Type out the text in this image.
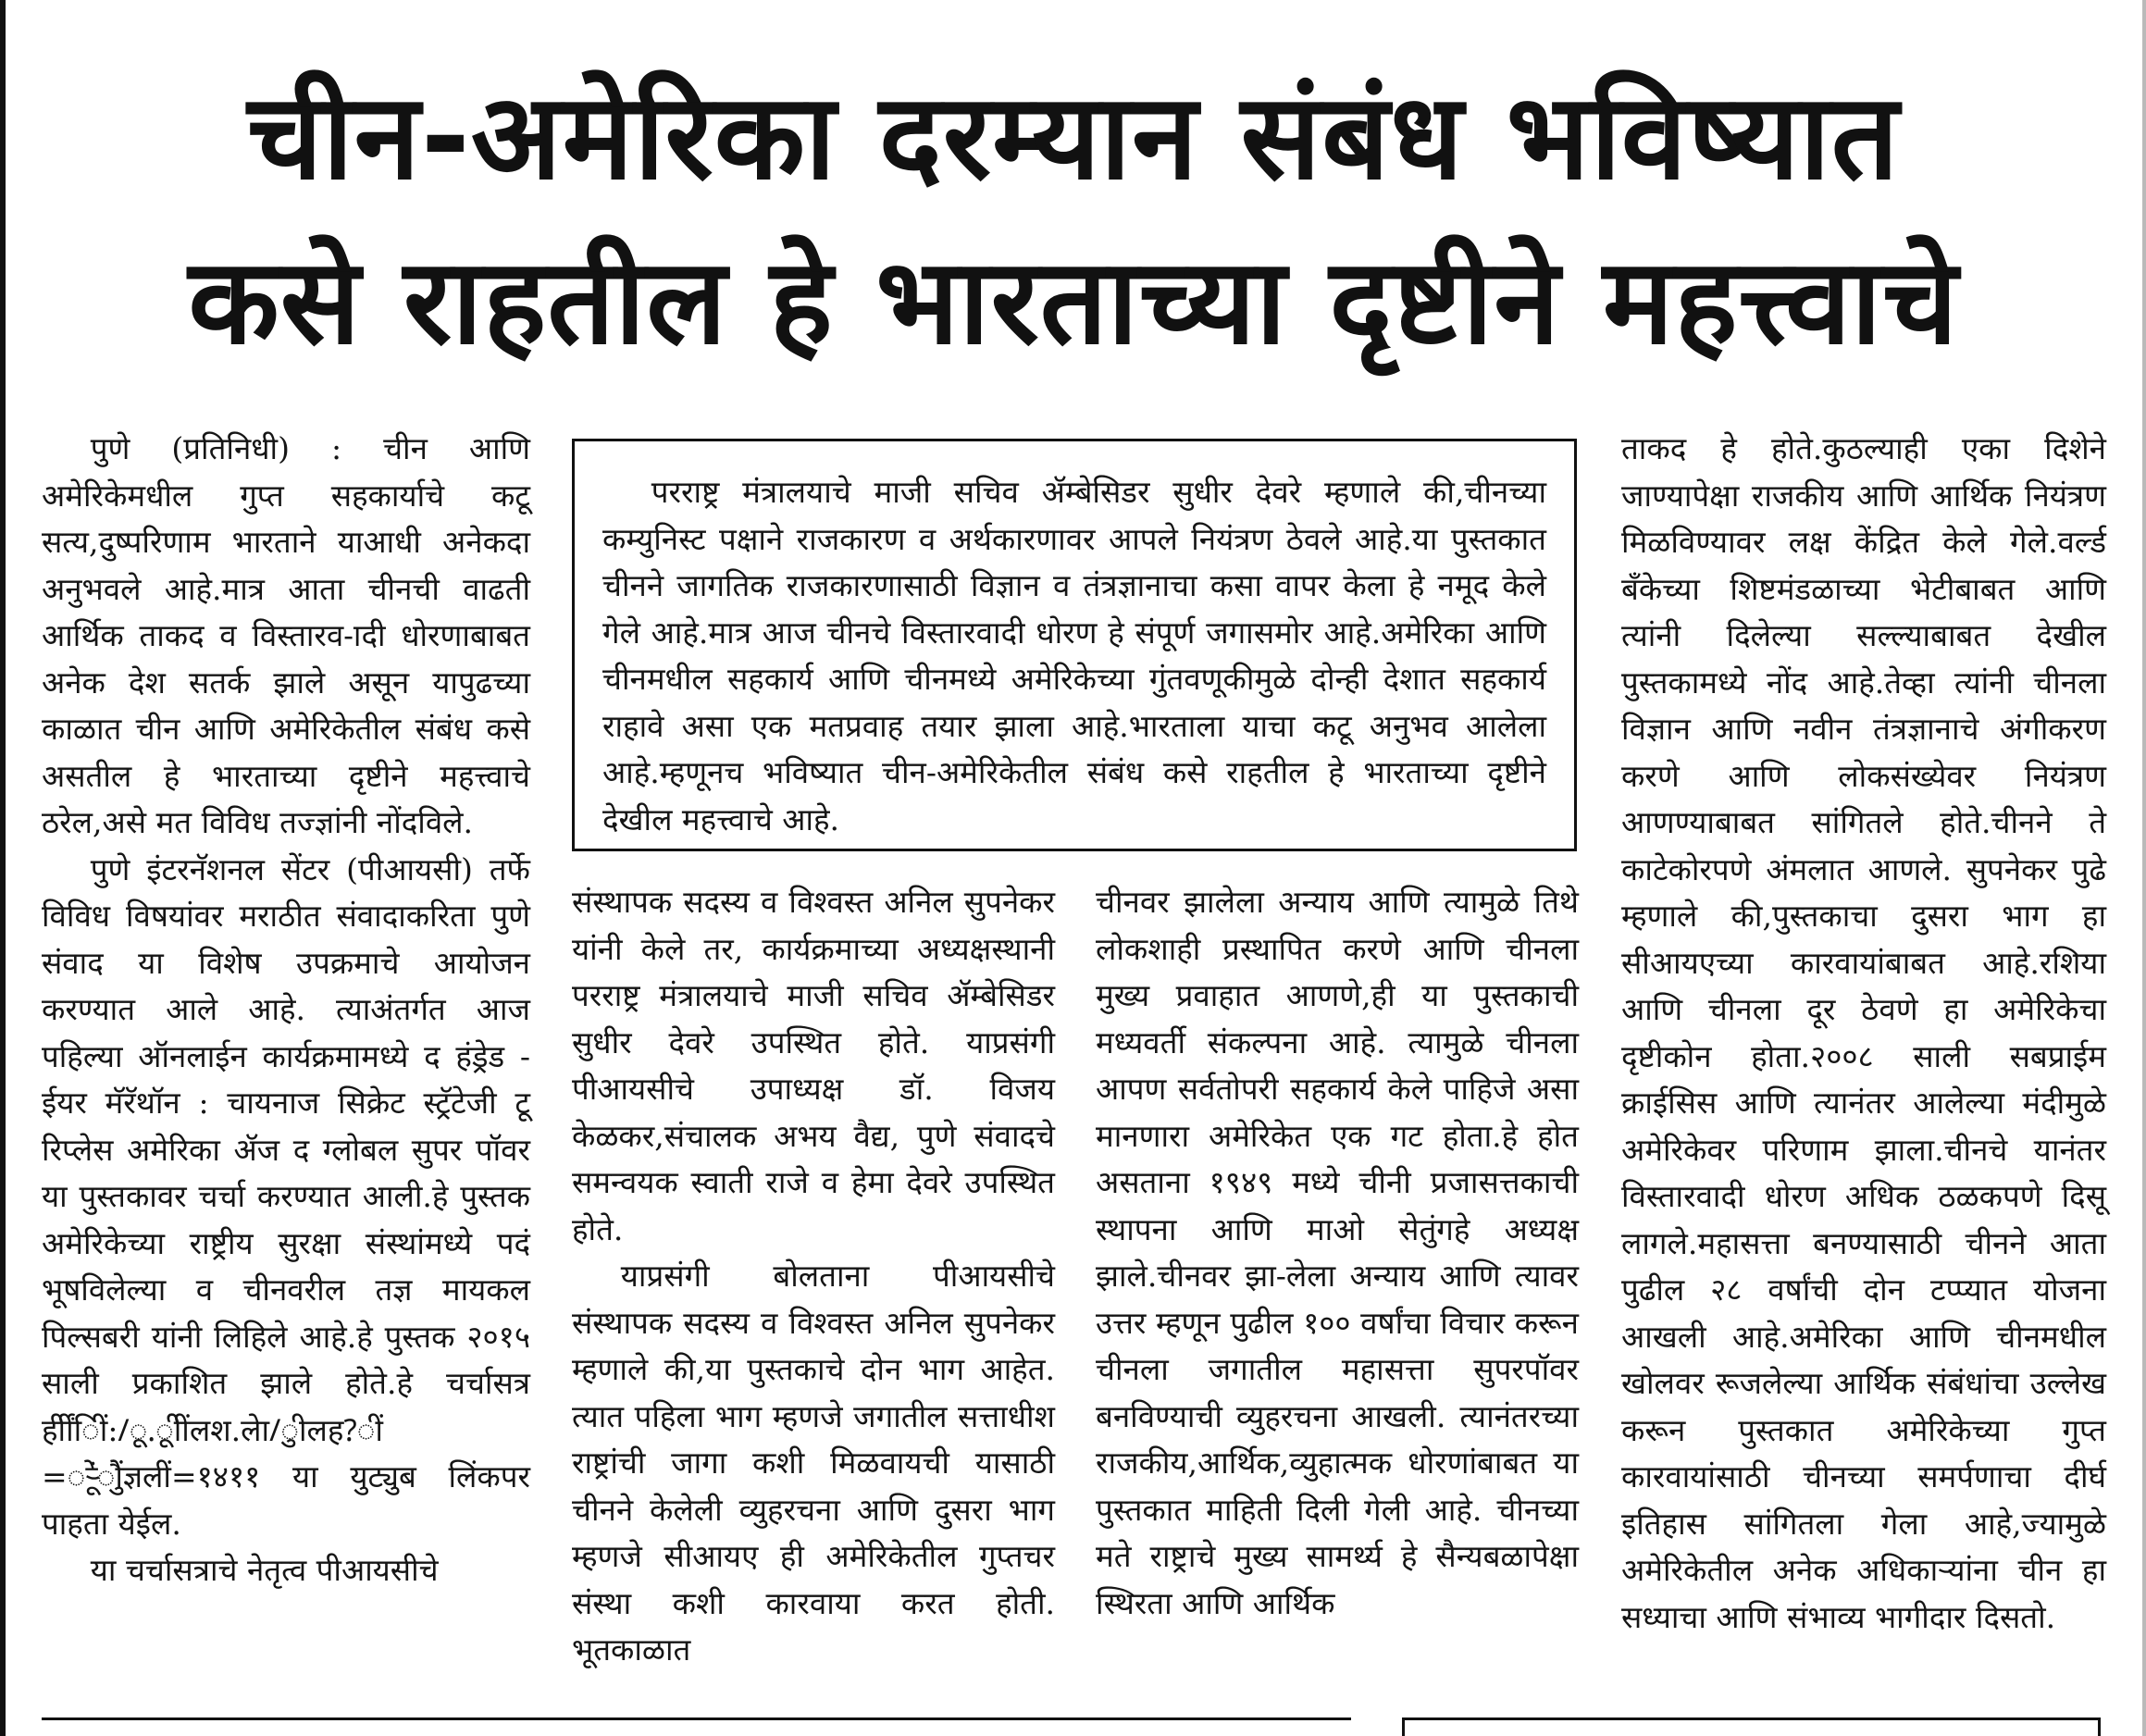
चीन-अमेरिका दरम्यान संबंध भविष्यात
कसे राहतील हे भारताच्या दृष्टीने महत्त्वाचे

पुणे (प्रतिनिधी) : चीन आणि अमेरिकेमधील गुप्त सहकार्याचे कटू सत्य,दुष्परिणाम भारताने याआधी अनेकदा अनुभवले आहे.मात्र आता चीनची वाढती आर्थिक ताकद व विस्तारव-ादी धोरणाबाबत अनेक देश सतर्क झाले असून यापुढच्या काळात चीन आणि अमेरिकेतील संबंध कसे असतील हे भारताच्या दृष्टीने महत्त्वाचे ठरेल,असे मत विविध तज्ज्ञांनी नोंदविले.

पुणे इंटरनॅशनल सेंटर (पीआयसी) तर्फे विविध विषयांवर मराठीत संवादाकरिता पुणे संवाद या विशेष उपक्रमाचे आयोजन करण्यात आले आहे. त्याअंतर्गत आज पहिल्या ऑनलाईन कार्यक्रमामध्ये द हंड्रेड - ईयर मॅरॅथॉन : चायनाज सिक्रेट स्ट्रॅटेजी टू रिप्लेस अमेरिका ॲज द ग्लोबल सुपर पॉवर या पुस्तकावर चर्चा करण्यात आली.हे पुस्तक अमेरिकेच्या राष्ट्रीय सुरक्षा संस्थांमध्ये पदं भूषविलेल्या व चीनवरील तज्ञ मायकल पिल्सबरी यांनी लिहिले आहे.हे पुस्तक २०१५ साली प्रकाशित झाले होते.हे चर्चासत्र र्हीींिीं:/ू.ूीेींलश.लेा/ुीलह?ीं=र्‍ेूंौुेंज्ञलीं=१४११ या युट्युब लिंकपर पाहता येईल.

या चर्चासत्राचे नेतृत्व पीआयसीचे

परराष्ट्र मंत्रालयाचे माजी सचिव ॲम्बेसिडर सुधीर देवरे म्हणाले की,चीनच्या कम्युनिस्ट पक्षाने राजकारण व अर्थकारणावर आपले नियंत्रण ठेवले आहे.या पुस्तकात चीनने जागतिक राजकारणासाठी विज्ञान व तंत्रज्ञानाचा कसा वापर केला हे नमूद केले गेले आहे.मात्र आज चीनचे विस्तारवादी धोरण हे संपूर्ण जगासमोर आहे.अमेरिका आणि चीनमधील सहकार्य आणि चीनमध्ये अमेरिकेच्या गुंतवणूकीमुळे दोन्ही देशात सहकार्य राहावे असा एक मतप्रवाह तयार झाला आहे.भारताला याचा कटू अनुभव आलेला आहे.म्हणूनच भविष्यात चीन-अमेरिकेतील संबंध कसे राहतील हे भारताच्या दृष्टीने देखील महत्त्वाचे आहे.

संस्थापक सदस्य व विश्वस्त अनिल सुपनेकर यांनी केले तर, कार्यक्रमाच्या अध्यक्षस्थानी परराष्ट्र मंत्रालयाचे माजी सचिव ॲम्बेसिडर सुधीर देवरे उपस्थित होते. याप्रसंगी पीआयसीचे उपाध्यक्ष डॉ. विजय केळकर,संचालक अभय वैद्य, पुणे संवादचे समन्वयक स्वाती राजे व हेमा देवरे उपस्थित होते.

याप्रसंगी बोलताना पीआयसीचे संस्थापक सदस्य व विश्वस्त अनिल सुपनेकर म्हणाले की,या पुस्तकाचे दोन भाग आहेत. त्यात पहिला भाग म्हणजे जगातील सत्ताधीश राष्ट्रांची जागा कशी मिळवायची यासाठी चीनने केलेली व्युहरचना आणि दुसरा भाग म्हणजे सीआयए ही अमेरिकेतील गुप्तचर संस्था कशी कारवाया करत होती. भूतकाळात

चीनवर झालेला अन्याय आणि त्यामुळे तिथे लोकशाही प्रस्थापित करणे आणि चीनला मुख्य प्रवाहात आणणे,ही या पुस्तकाची मध्यवर्ती संकल्पना आहे. त्यामुळे चीनला आपण सर्वतोपरी सहकार्य केले पाहिजे असा मानणारा अमेरिकेत एक गट होता.हे होत असताना १९४९ मध्ये चीनी प्रजासत्तकाची स्थापना आणि माओ सेतुंगहे अध्यक्ष झाले.चीनवर झा-लेला अन्याय आणि त्यावर उत्तर म्हणून पुढील १०० वर्षांचा विचार करून चीनला जगातील महासत्ता सुपरपॉवर बनविण्याची व्युहरचना आखली. त्यानंतरच्या राजकीय,आर्थिक,व्युहात्मक धोरणांबाबत या पुस्तकात माहिती दिली गेली आहे. चीनच्या मते राष्ट्राचे मुख्य सामर्थ्य हे सैन्यबळापेक्षा स्थिरता आणि आर्थिक

ताकद हे होते.कुठल्याही एका दिशेने जाण्यापेक्षा राजकीय आणि आर्थिक नियंत्रण मिळविण्यावर लक्ष केंद्रित केले गेले.वर्ल्ड बँकेच्या शिष्टमंडळाच्या भेटीबाबत आणि त्यांनी दिलेल्या सल्ल्याबाबत देखील पुस्तकामध्ये नोंद आहे.तेव्हा त्यांनी चीनला विज्ञान आणि नवीन तंत्रज्ञानाचे अंगीकरण करणे आणि लोकसंख्येवर नियंत्रण आणण्याबाबत सांगितले होते.चीनने ते काटेकोरपणे अंमलात आणले. सुपनेकर पुढे म्हणाले की,पुस्तकाचा दुसरा भाग हा सीआयएच्या कारवायांबाबत आहे.रशिया आणि चीनला दूर ठेवणे हा अमेरिकेचा दृष्टीकोन होता.२००८ साली सबप्राईम क्राईसिस आणि त्यानंतर आलेल्या मंदीमुळे अमेरिकेवर परिणाम झाला.चीनचे यानंतर विस्तारवादी धोरण अधिक ठळकपणे दिसू लागले.महासत्ता बनण्यासाठी चीनने आता पुढील २८ वर्षांची दोन टप्प्यात योजना आखली आहे.अमेरिका आणि चीनमधील खोलवर रूजलेल्या आर्थिक संबंधांचा उल्लेख करून पुस्तकात अमेरिकेच्या गुप्त कारवायांसाठी चीनच्या समर्पणाचा दीर्घ इतिहास सांगितला गेला आहे,ज्यामुळे अमेरिकेतील अनेक अधिकार्‍यांना चीन हा सध्याचा आणि संभाव्य भागीदार दिसतो.
